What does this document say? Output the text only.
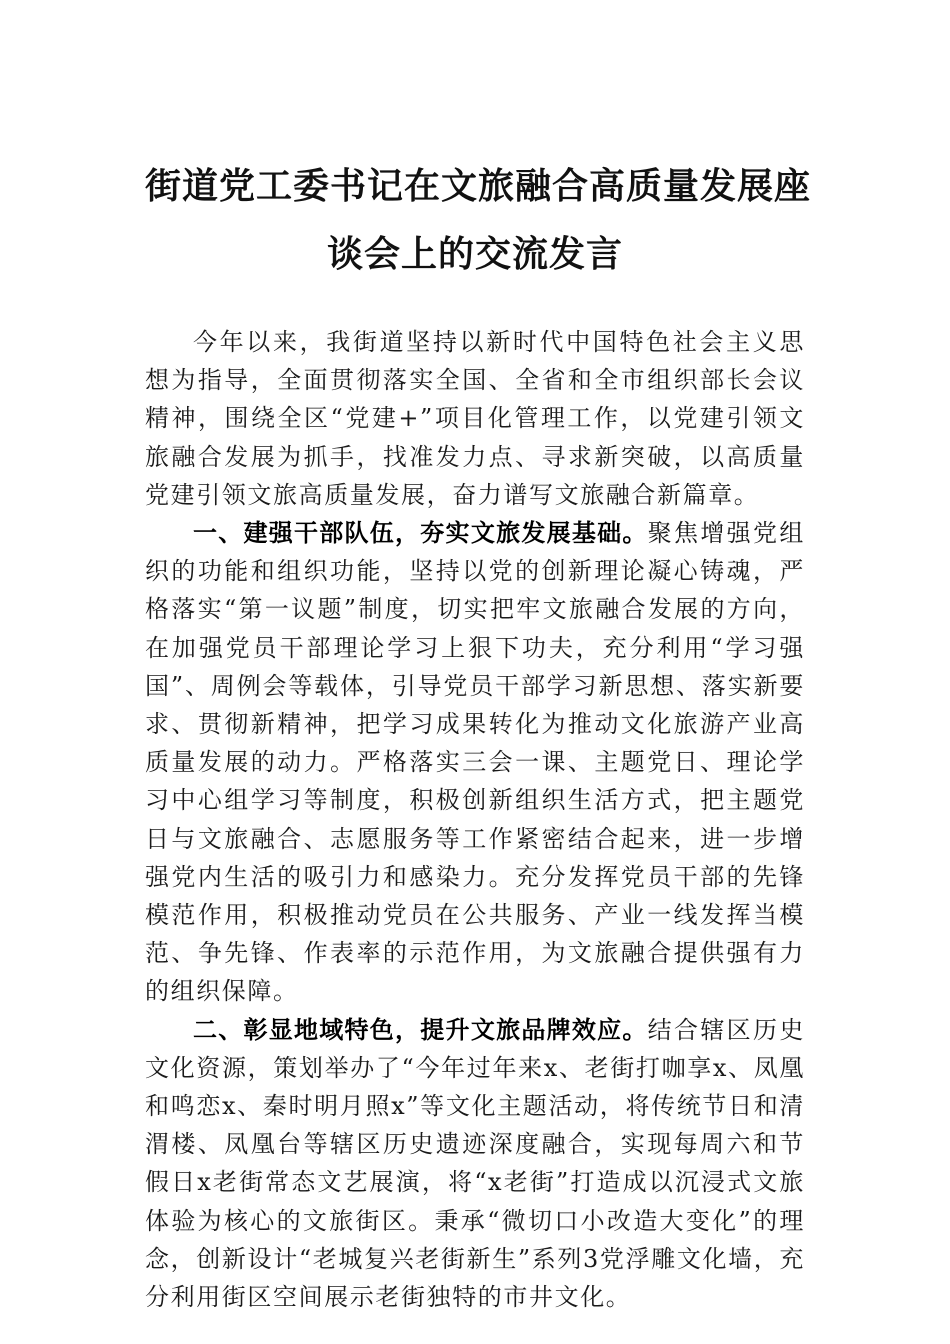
街道党工委书记在文旅融合高质量发展座
谈会上的交流发言

今年以来，我街道坚持以新时代中国特色社会主义思想为指导，全面贯彻落实全国、全省和全市组织部长会议精神，围绕全区“党建+”项目化管理工作，以党建引领文旅融合发展为抓手，找准发力点、寻求新突破，以高质量党建引领文旅高质量发展，奋力谱写文旅融合新篇章。

一、建强干部队伍，夯实文旅发展基础。聚焦增强党组织的功能和组织功能，坚持以党的创新理论凝心铸魂，严格落实“第一议题”制度，切实把牢文旅融合发展的方向，在加强党员干部理论学习上狠下功夫，充分利用“学习强国”、周例会等载体，引导党员干部学习新思想、落实新要求、贯彻新精神，把学习成果转化为推动文化旅游产业高质量发展的动力。严格落实三会一课、主题党日、理论学习中心组学习等制度，积极创新组织生活方式，把主题党日与文旅融合、志愿服务等工作紧密结合起来，进一步增强党内生活的吸引力和感染力。充分发挥党员干部的先锋模范作用，积极推动党员在公共服务、产业一线发挥当模范、争先锋、作表率的示范作用，为文旅融合提供强有力的组织保障。

二、彰显地域特色，提升文旅品牌效应。结合辖区历史文化资源，策划举办了“今年过年来x、老街打咖享x、凤凰和鸣恋x、秦时明月照x”等文化主题活动，将传统节日和清渭楼、凤凰台等辖区历史遗迹深度融合，实现每周六和节假日x老街常态文艺展演，将“x老街”打造成以沉浸式文旅体验为核心的文旅街区。秉承“微切口小改造大变化”的理念，创新设计“老城复兴老街新生”系列3党浮雕文化墙，充分利用街区空间展示老街独特的市井文化。
